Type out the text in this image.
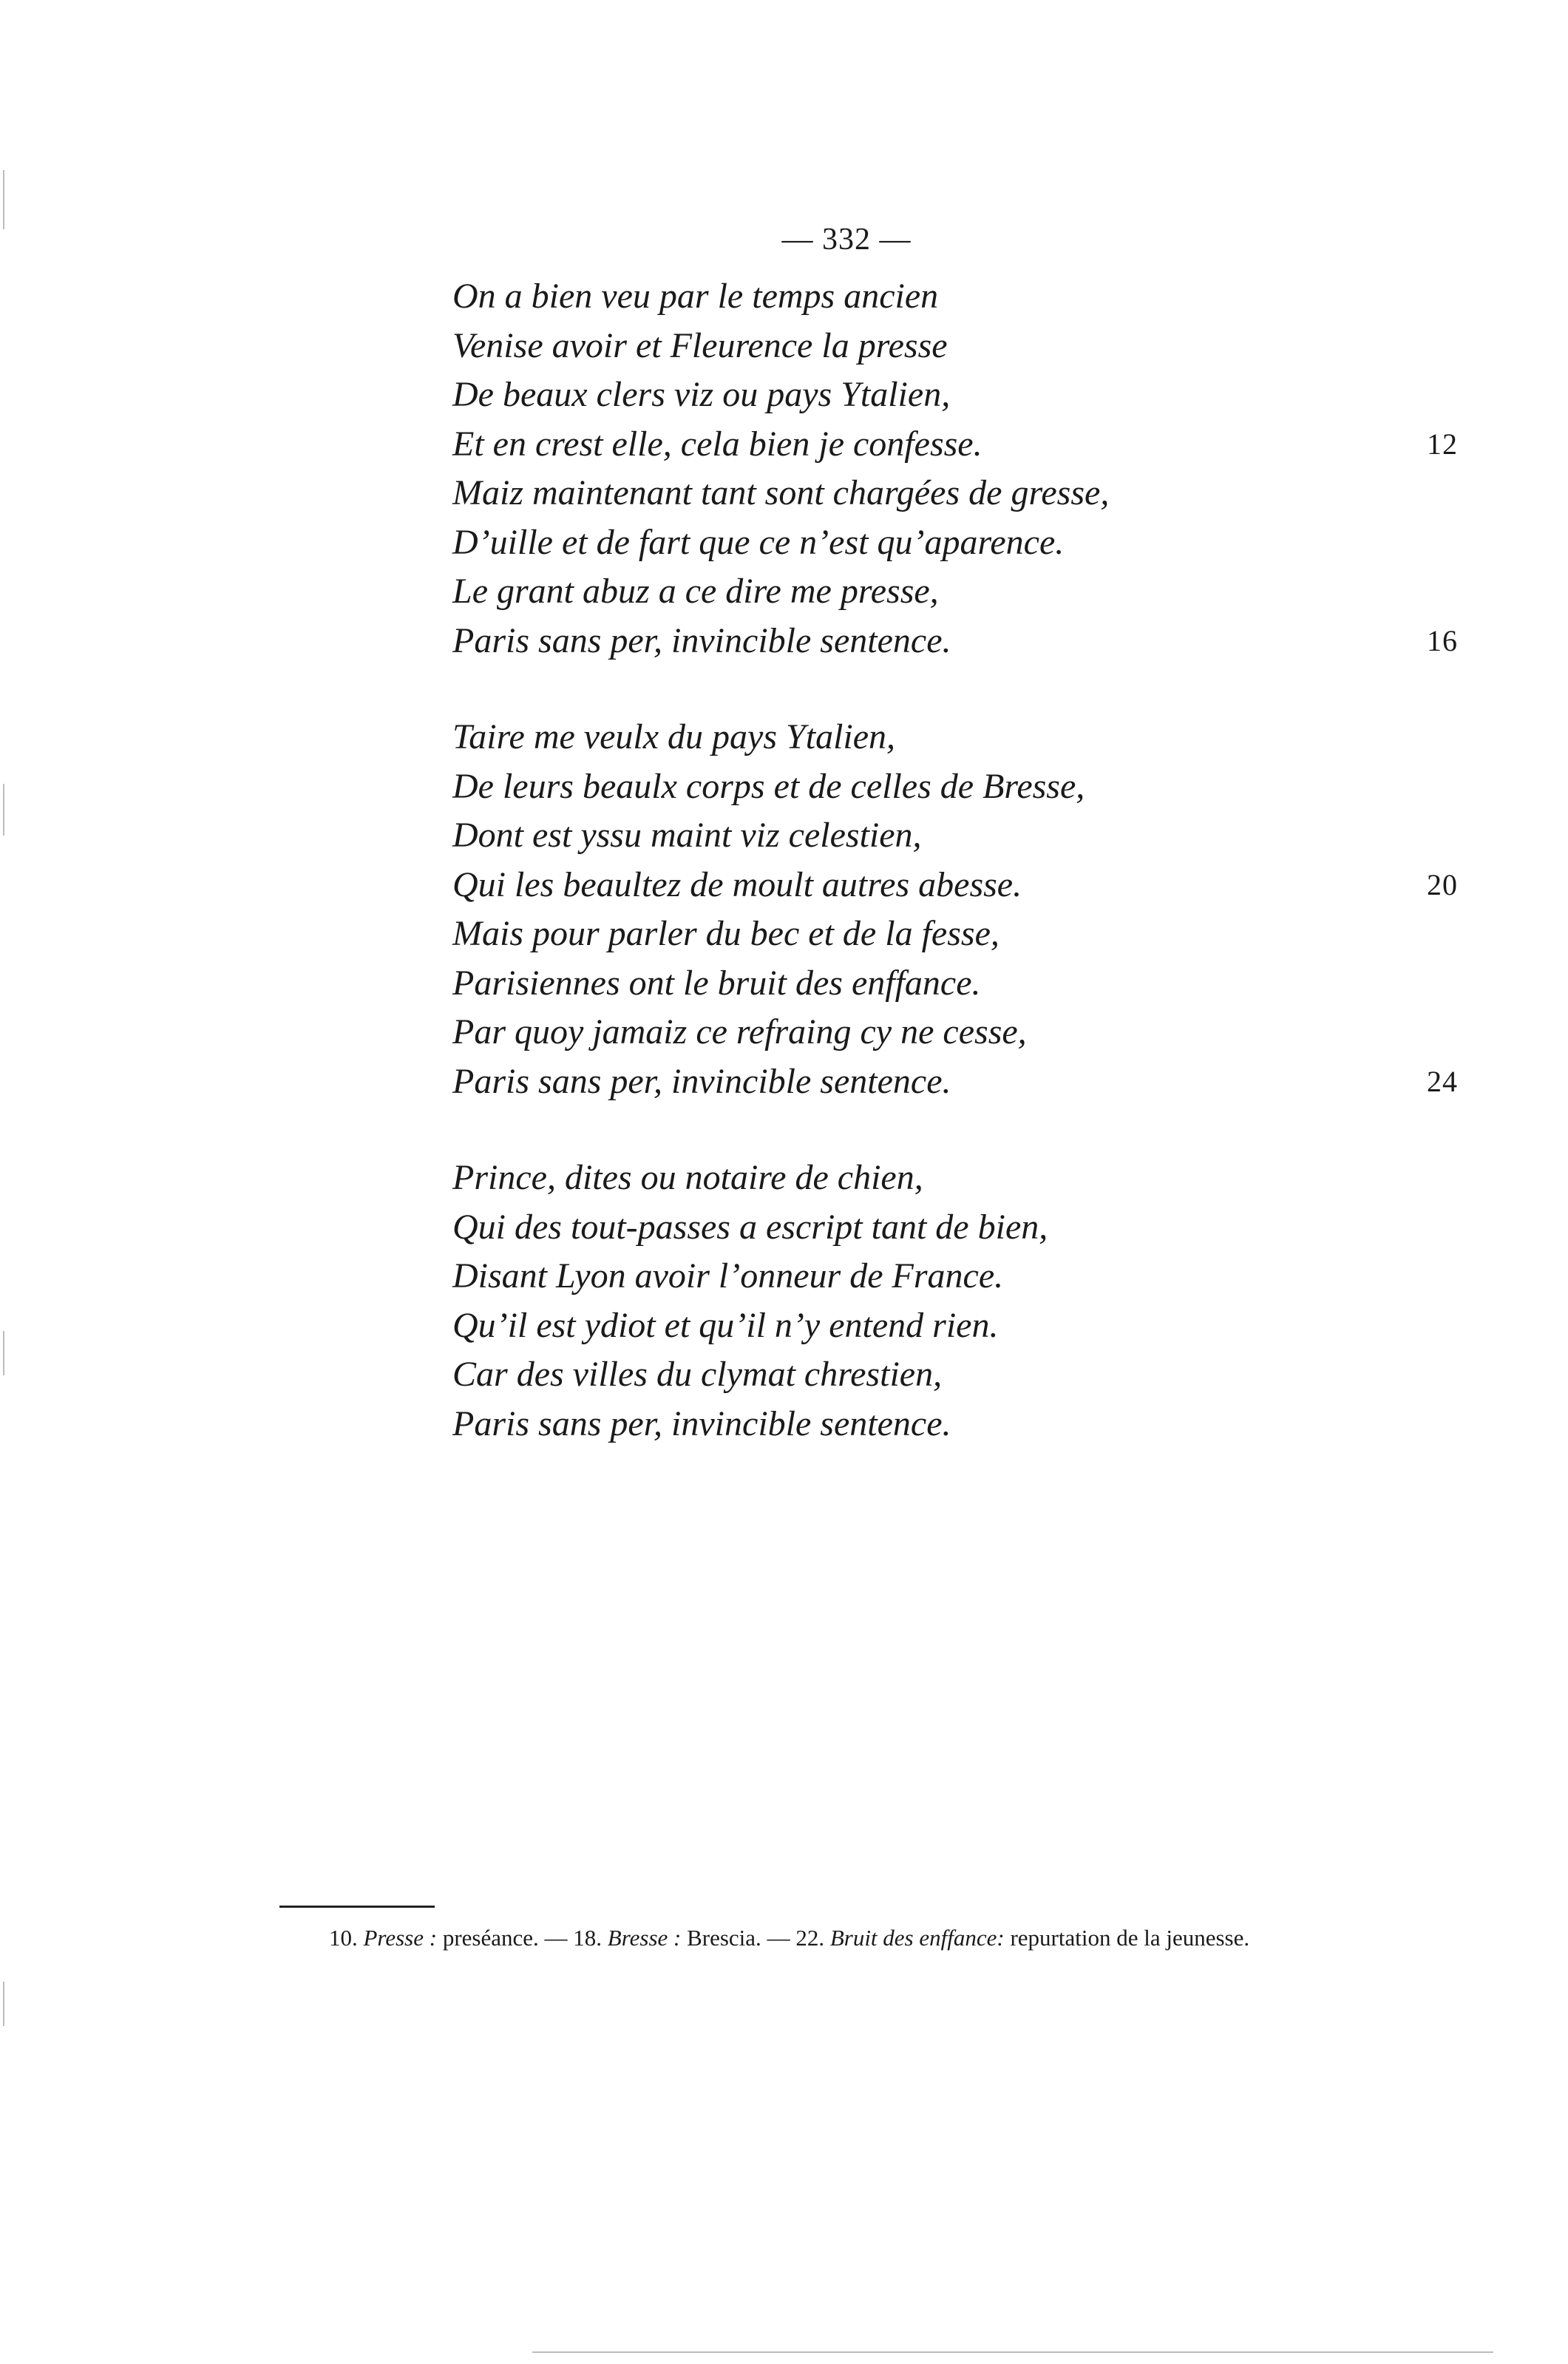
— 332 —
On a bien veu par le temps ancien
Venise avoir et Fleurence la presse
De beaux clers viz ou pays Ytalien,
Et en crest elle, cela bien je confesse.	12
Maiz maintenant tant sont chargées de gresse,
D’uille et de fart que ce n’est qu’aparence.
Le grant abuz a ce dire me presse,
Paris sans per, invincible sentence.	16
Taire me veulx du pays Ytalien,
De leurs beaulx corps et de celles de Bresse,
Dont est yssu maint viz celestien,
Qui les beaultez de moult autres abesse.	20
Mais pour parler du bec et de la fesse,
Parisiennes ont le bruit des enffance.
Par quoy jamaiz ce refraing cy ne cesse,
Paris sans per, invincible sentence.	24
Prince, dites ou notaire de chien,
Qui des tout-passes a escript tant de bien,
Disant Lyon avoir l’onneur de France.
Qu’il est ydiot et qu’il n’y entend rien.
Car des villes du clymat chrestien,
Paris sans per, invincible sentence.
10. Presse : preséance. — 18. Bresse : Brescia. — 22. Bruit des enffance: repurtation de la jeunesse.
